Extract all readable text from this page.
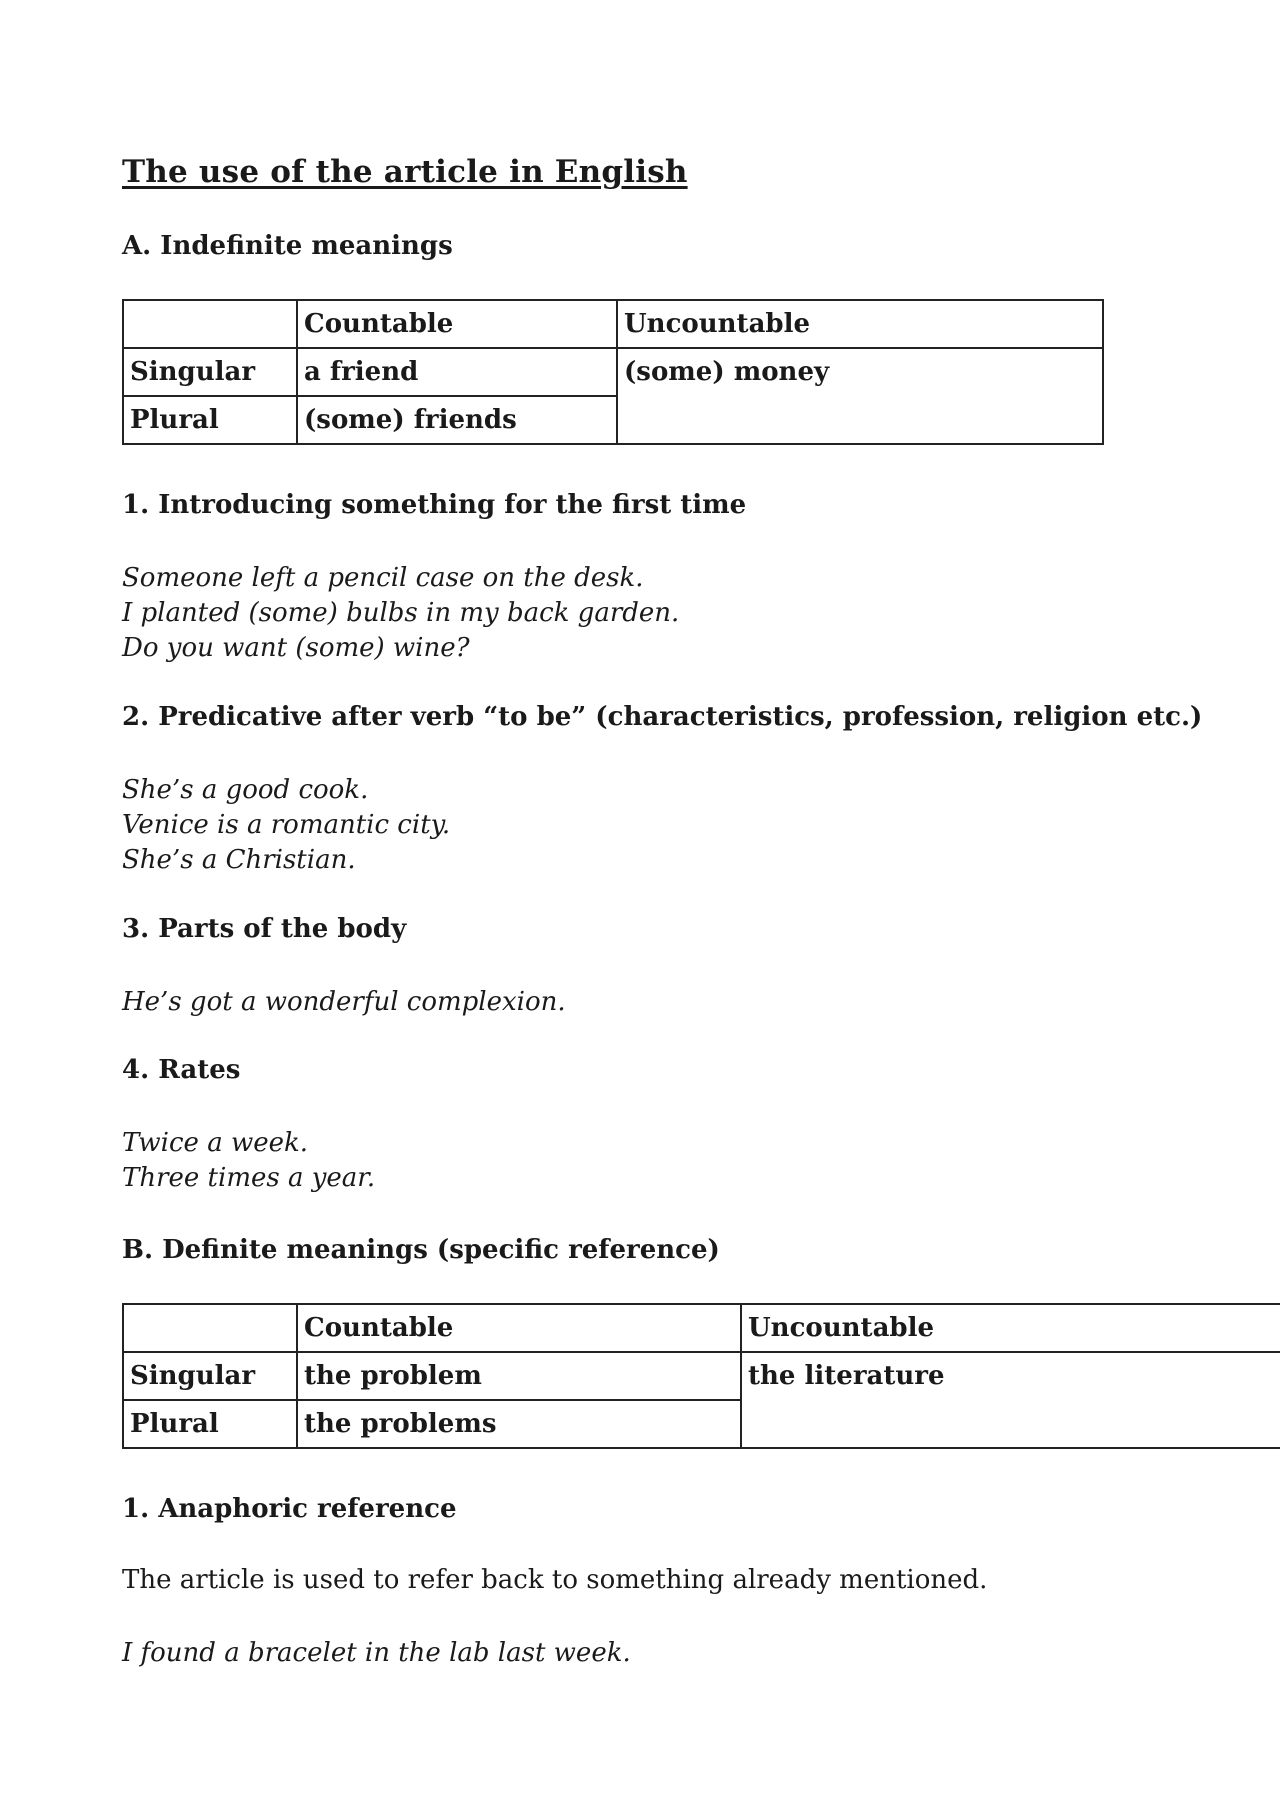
The use of the article in English
A. Indefinite meanings
	Countable	Uncountable
Singular	a friend	(some) money
Plural	(some) friends	
1. Introducing something for the first time
Someone left a pencil case on the desk.
I planted (some) bulbs in my back garden.
Do you want (some) wine?
2. Predicative after verb “to be” (characteristics, profession, religion etc.)
She’s a good cook.
Venice is a romantic city.
She’s a Christian.
3. Parts of the body
He’s got a wonderful complexion.
4. Rates
Twice a week.
Three times a year.
B. Definite meanings (specific reference)
	Countable	Uncountable
Singular	the problem	the literature
Plural	the problems	
1. Anaphoric reference
The article is used to refer back to something already mentioned.
I found a bracelet in the lab last week.
